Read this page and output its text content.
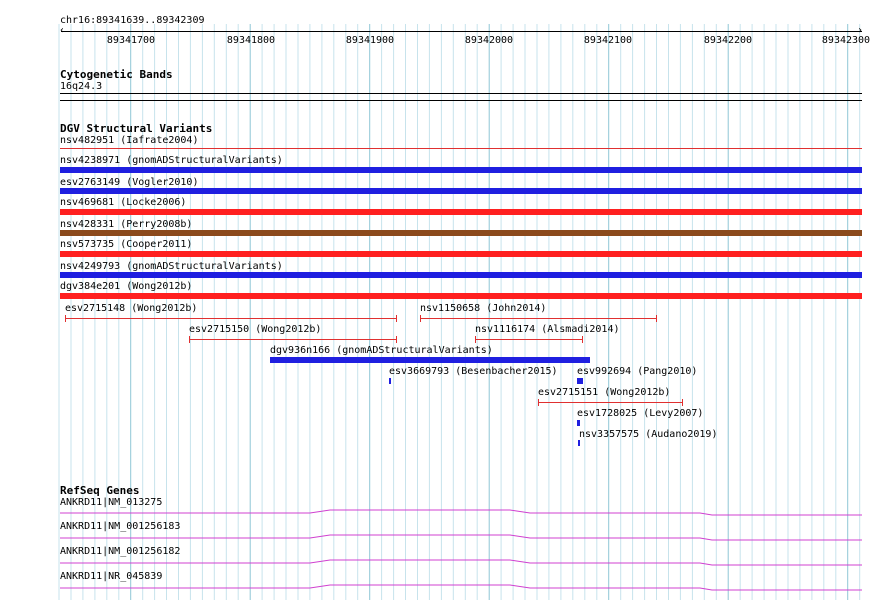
chr16:89341639..89342309
‹	›
89341700	89341800	89341900	89342000	89342100	89342200	89342300
Cytogenetic Bands
16q24.3
DGV Structural Variants
nsv482951 (Iafrate2004)
nsv4238971 (gnomADStructuralVariants)
esv2763149 (Vogler2010)
nsv469681 (Locke2006)
nsv428331 (Perry2008b)
nsv573735 (Cooper2011)
nsv4249793 (gnomADStructuralVariants)
dgv384e201 (Wong2012b)
esv2715148 (Wong2012b)	nsv1150658 (John2014)
esv2715150 (Wong2012b)	nsv1116174 (Alsmadi2014)
dgv936n166 (gnomADStructuralVariants)
esv3669793 (Besenbacher2015) esv992694 (Pang2010)
esv2715151 (Wong2012b)
esv1728025 (Levy2007)
nsv3357575 (Audano2019)
RefSeq Genes
ANKRD11|NM_013275
ANKRD11|NM_001256183
ANKRD11|NM_001256182
ANKRD11|NR_045839
